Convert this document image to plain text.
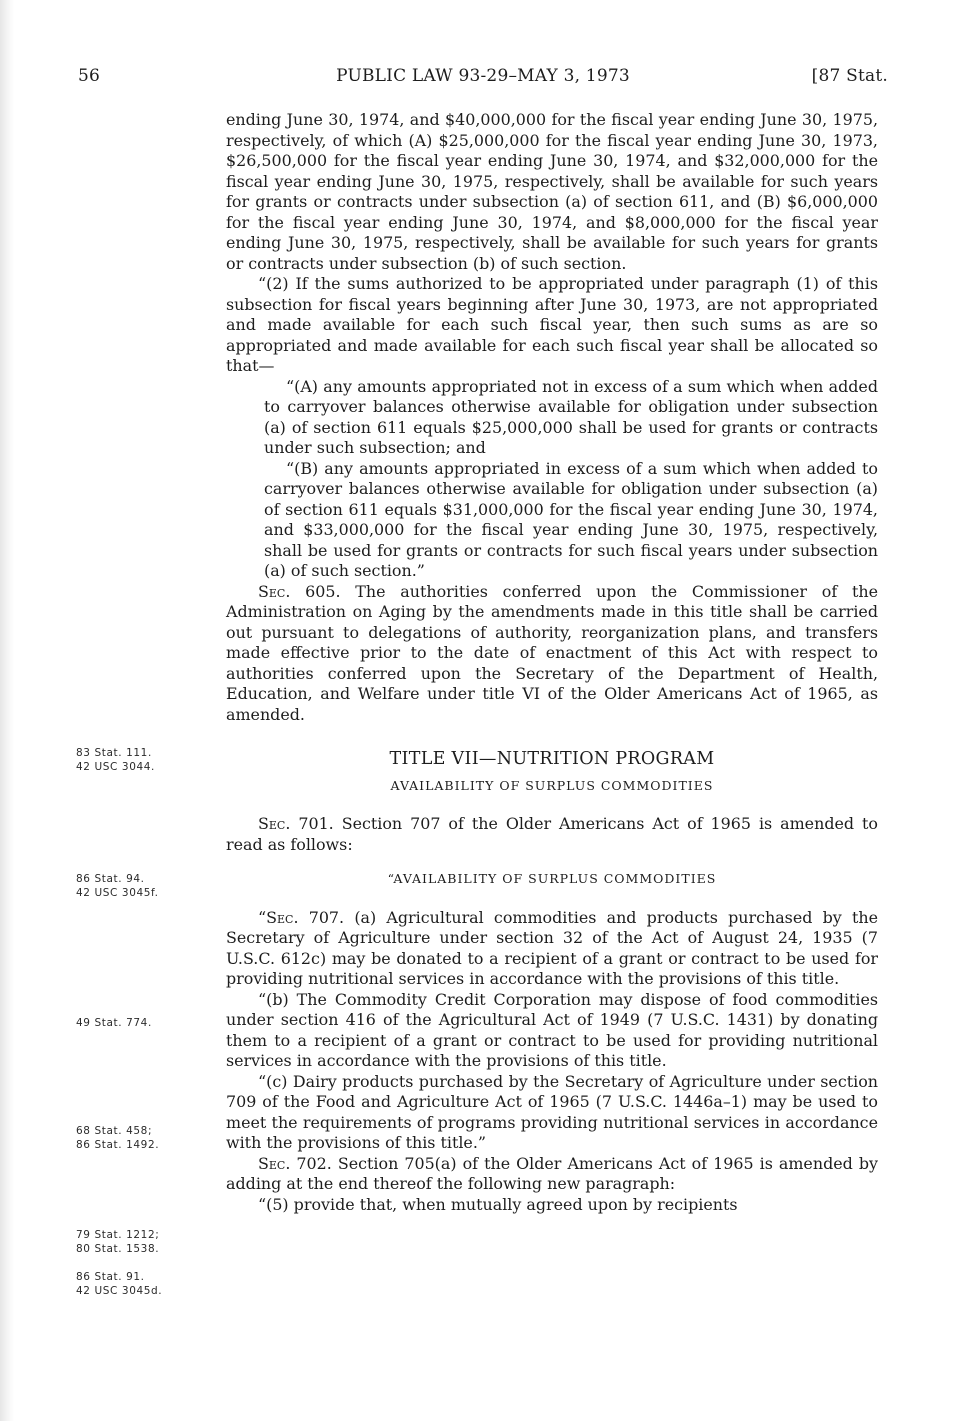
56	PUBLIC LAW 93-29–MAY 3, 1973	[87 Stat.
83 Stat. 111.
42 USC 3044.
86 Stat. 94.
42 USC 3045f.
49 Stat. 774.
68 Stat. 458;
86 Stat. 1492.
79 Stat. 1212;
80 Stat. 1538.
86 Stat. 91.
42 USC 3045d.

ending June 30, 1974, and $40,000,000 for the fiscal year ending June 30, 1975, respectively, of which (A) $25,000,000 for the fiscal year ending June 30, 1973, $26,500,000 for the fiscal year ending June 30, 1974, and $32,000,000 for the fiscal year ending June 30, 1975, respectively, shall be available for such years for grants or contracts under subsection (a) of section 611, and (B) $6,000,000 for the fiscal year ending June 30, 1974, and $8,000,000 for the fiscal year ending June 30, 1975, respectively, shall be available for such years for grants or contracts under subsection (b) of such section.

“(2) If the sums authorized to be appropriated under paragraph (1) of this subsection for fiscal years beginning after June 30, 1973, are not appropriated and made available for each such fiscal year, then such sums as are so appropriated and made available for each such fiscal year shall be allocated so that—

“(A) any amounts appropriated not in excess of a sum which when added to carryover balances otherwise available for obligation under subsection (a) of section 611 equals $25,000,000 shall be used for grants or contracts under such subsection; and

“(B) any amounts appropriated in excess of a sum which when added to carryover balances otherwise available for obligation under subsection (a) of section 611 equals $31,000,000 for the fiscal year ending June 30, 1974, and $33,000,000 for the fiscal year ending June 30, 1975, respectively, shall be used for grants or contracts for such fiscal years under subsection (a) of such section.”

Sec. 605. The authorities conferred upon the Commissioner of the Administration on Aging by the amendments made in this title shall be carried out pursuant to delegations of authority, reorganization plans, and transfers made effective prior to the date of enactment of this Act with respect to authorities conferred upon the Secretary of the Department of Health, Education, and Welfare under title VI of the Older Americans Act of 1965, as amended.

TITLE VII—NUTRITION PROGRAM
AVAILABILITY OF SURPLUS COMMODITIES

Sec. 701. Section 707 of the Older Americans Act of 1965 is amended to read as follows:

“AVAILABILITY OF SURPLUS COMMODITIES

“Sec. 707. (a) Agricultural commodities and products purchased by the Secretary of Agriculture under section 32 of the Act of August 24, 1935 (7 U.S.C. 612c) may be donated to a recipient of a grant or contract to be used for providing nutritional services in accordance with the provisions of this title.

“(b) The Commodity Credit Corporation may dispose of food commodities under section 416 of the Agricultural Act of 1949 (7 U.S.C. 1431) by donating them to a recipient of a grant or contract to be used for providing nutritional services in accordance with the provisions of this title.

“(c) Dairy products purchased by the Secretary of Agriculture under section 709 of the Food and Agriculture Act of 1965 (7 U.S.C. 1446a–1) may be used to meet the requirements of programs providing nutritional services in accordance with the provisions of this title.”

Sec. 702. Section 705(a) of the Older Americans Act of 1965 is amended by adding at the end thereof the following new paragraph:

“(5) provide that, when mutually agreed upon by recipients
